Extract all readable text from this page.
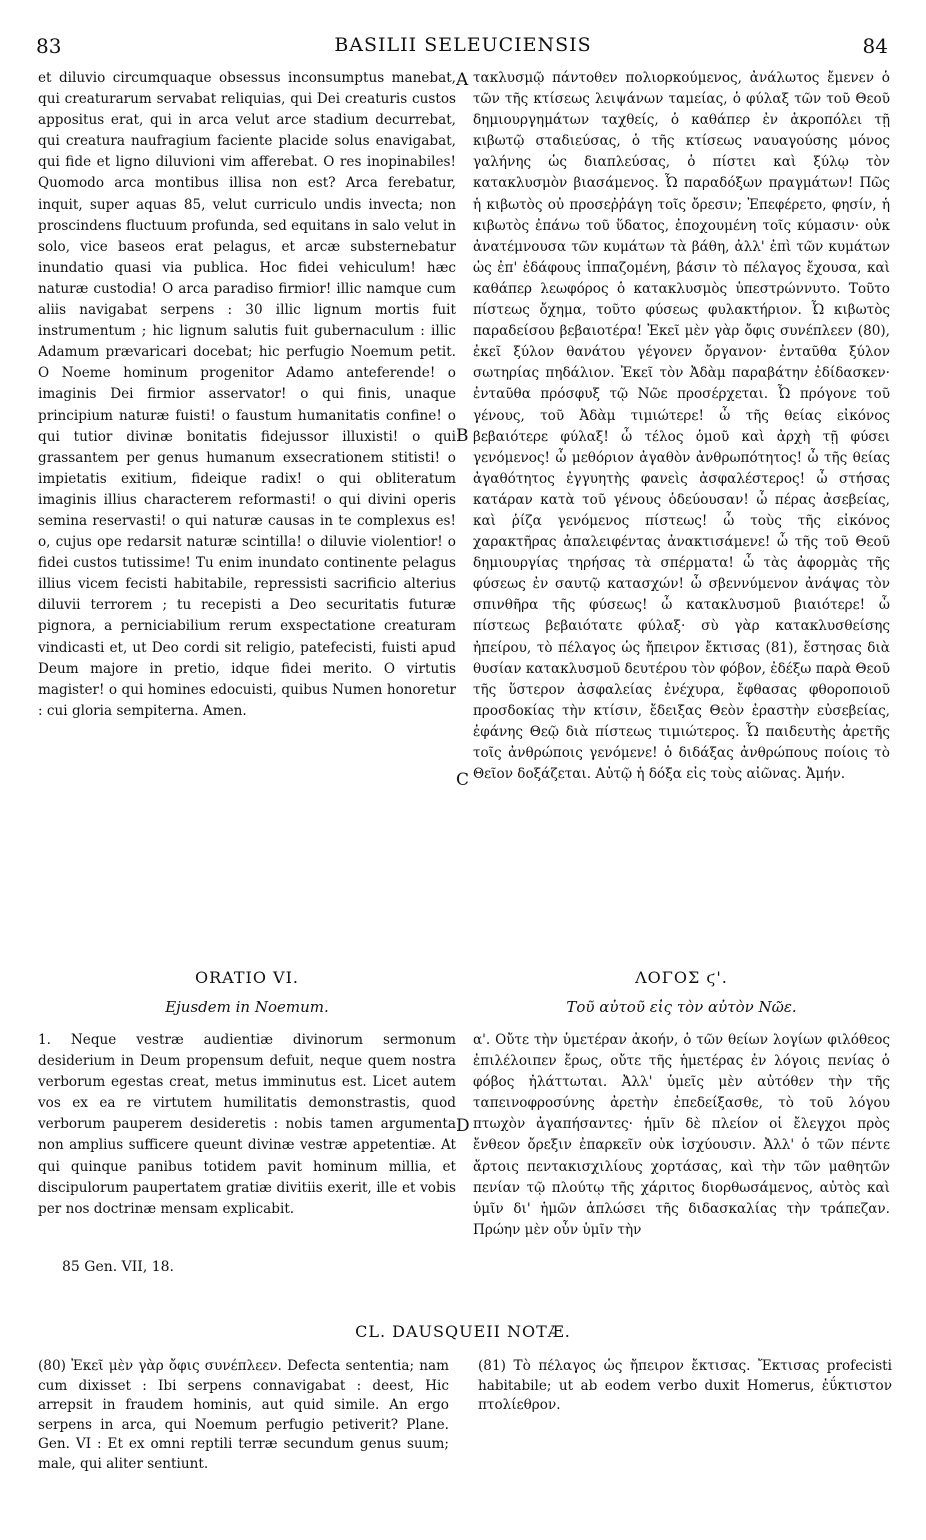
83	BASILII SELEUCIENSIS	84

et diluvio circumquaque obsessus inconsumptus manebat, qui creaturarum servabat reliquias, qui Dei creaturis custos appositus erat, qui in arca velut arce stadium decurrebat, qui creatura naufragium faciente placide solus enavigabat, qui fide et ligno diluvioni vim afferebat. O res inopinabiles! Quomodo arca montibus illisa non est? Arca ferebatur, inquit, super aquas 85, velut curriculo undis invecta; non proscindens fluctuum profunda, sed equitans in salo velut in solo, vice baseos erat pelagus, et arcæ substernebatur inundatio quasi via publica. Hoc fidei vehiculum! hæc naturæ custodia! O arca paradiso firmior! illic namque cum aliis navigabat serpens : 30 illic lignum mortis fuit instrumentum ; hic lignum salutis fuit gubernaculum : illic Adamum prævaricari docebat; hic perfugio Noemum petit. O Noeme hominum progenitor Adamo anteferende! o imaginis Dei firmior asservator! o qui finis, unaque principium naturæ fuisti! o faustum humanitatis confine! o qui tutior divinæ bonitatis fidejussor illuxisti! o qui grassantem per genus humanum exsecrationem stitisti! o impietatis exitium, fideique radix! o qui obliteratum imaginis illius characterem reformasti! o qui divini operis semina reservasti! o qui naturæ causas in te complexus es! o, cujus ope redarsit naturæ scintilla! o diluvie violentior! o fidei custos tutissime! Tu enim inundato continente pelagus illius vicem fecisti habitabile, repressisti sacrificio alterius diluvii terrorem ; tu recepisti a Deo securitatis futuræ pignora, a perniciabilium rerum exspectatione creaturam vindicasti et, ut Deo cordi sit religio, patefecisti, fuisti apud Deum majore in pretio, idque fidei merito. O virtutis magister! o qui homines edocuisti, quibus Numen honoretur : cui gloria sempiterna. Amen.

τακλυσμῷ πάντοθεν πολιορκούμενος, ἀνάλωτος ἔμενεν ὁ τῶν τῆς κτίσεως λειψάνων ταμείας, ὁ φύλαξ τῶν τοῦ Θεοῦ δημιουργημάτων ταχθείς, ὁ καθάπερ ἐν ἀκροπόλει τῇ κιβωτῷ σταδιεύσας, ὁ τῆς κτίσεως ναυαγούσης μόνος γαλήνης ὡς διαπλεύσας, ὁ πίστει καὶ ξύλῳ τὸν κατακλυσμὸν βιασάμενος. Ὦ παραδόξων πραγμάτων! Πῶς ἡ κιβωτὸς οὐ προσεῤῥάγη τοῖς ὄρεσιν; Ἐπεφέρετο, φησίν, ἡ κιβωτὸς ἐπάνω τοῦ ὕδατος, ἐποχουμένη τοῖς κύμασιν· οὐκ ἀνατέμνουσα τῶν κυμάτων τὰ βάθη, ἀλλ' ἐπὶ τῶν κυμάτων ὡς ἐπ' ἐδάφους ἱππαζομένη, βάσιν τὸ πέλαγος ἔχουσα, καὶ καθάπερ λεωφόρος ὁ κατακλυσμὸς ὑπεστρώννυτο. Τοῦτο πίστεως ὄχημα, τοῦτο φύσεως φυλακτήριον. Ὦ κιβωτὸς παραδείσου βεβαιοτέρα! Ἐκεῖ μὲν γὰρ ὄφις συνέπλεεν (80), ἐκεῖ ξύλον θανάτου γέγονεν ὄργανον· ἐνταῦθα ξύλον σωτηρίας πηδάλιον. Ἐκεῖ τὸν Ἀδὰμ παραβάτην ἐδίδασκεν· ἐνταῦθα πρόσφυξ τῷ Νῶε προσέρχεται. Ὦ πρόγονε τοῦ γένους, τοῦ Ἀδὰμ τιμιώτερε! ὦ τῆς θείας εἰκόνος βεβαιότερε φύλαξ! ὦ τέλος ὁμοῦ καὶ ἀρχὴ τῇ φύσει γενόμενος! ὦ μεθόριον ἀγαθὸν ἀνθρωπότητος! ὦ τῆς θείας ἀγαθότητος ἐγγυητὴς φανεὶς ἀσφαλέστερος! ὦ στήσας κατάραν κατὰ τοῦ γένους ὁδεύουσαν! ὦ πέρας ἀσεβείας, καὶ ῥίζα γενόμενος πίστεως! ὦ τοὺς τῆς εἰκόνος χαρακτῆρας ἀπαλειφέντας ἀνακτισάμενε! ὦ τῆς τοῦ Θεοῦ δημιουργίας τηρήσας τὰ σπέρματα! ὦ τὰς ἀφορμὰς τῆς φύσεως ἐν σαυτῷ κατασχών! ὦ σβεννύμενον ἀνάψας τὸν σπινθῆρα τῆς φύσεως! ὦ κατακλυσμοῦ βιαιότερε! ὦ πίστεως βεβαιότατε φύλαξ· σὺ γὰρ κατακλυσθείσης ἠπείρου, τὸ πέλαγος ὡς ἤπειρον ἔκτισας (81), ἔστησας διὰ θυσίαν κατακλυσμοῦ δευτέρου τὸν φόβον, ἐδέξω παρὰ Θεοῦ τῆς ὕστερον ἀσφαλείας ἐνέχυρα, ἔφθασας φθοροποιοῦ προσδοκίας τὴν κτίσιν, ἔδειξας Θεὸν ἐραστὴν εὐσεβείας, ἐφάνης Θεῷ διὰ πίστεως τιμιώτερος. Ὦ παιδευτὴς ἀρετῆς τοῖς ἀνθρώποις γενόμενε! ὁ διδάξας ἀνθρώπους ποίοις τὸ Θεῖον δοξάζεται. Αὐτῷ ἡ δόξα εἰς τοὺς αἰῶνας. Ἀμήν.

A
B
C
D
ORATIO VI.
Ejusdem in Noemum.
ΛΟΓΟΣ ϛ'.
Τοῦ αὐτοῦ εἰς τὸν αὐτὸν Νῶε.

1. Neque vestræ audientiæ divinorum sermonum desiderium in Deum propensum defuit, neque quem nostra verborum egestas creat, metus imminutus est. Licet autem vos ex ea re virtutem humilitatis demonstrastis, quod verborum pauperem desideretis : nobis tamen argumenta non amplius sufficere queunt divinæ vestræ appetentiæ. At qui quinque panibus totidem pavit hominum millia, et discipulorum paupertatem gratiæ divitiis exerit, ille et vobis per nos doctrinæ mensam explicabit.

α'. Οὔτε τὴν ὑμετέραν ἀκοήν, ὁ τῶν θείων λογίων φιλόθεος ἐπιλέλοιπεν ἔρως, οὔτε τῆς ἡμετέρας ἐν λόγοις πενίας ὁ φόβος ἠλάττωται. Ἀλλ' ὑμεῖς μὲν αὐτόθεν τὴν τῆς ταπεινοφροσύνης ἀρετὴν ἐπεδείξασθε, τὸ τοῦ λόγου πτωχὸν ἀγαπήσαντες· ἡμῖν δὲ πλείον οἱ ἔλεγχοι πρὸς ἔνθεον ὄρεξιν ἐπαρκεῖν οὐκ ἰσχύουσιν. Ἀλλ' ὁ τῶν πέντε ἄρτοις πεντακισχιλίους χορτάσας, καὶ τὴν τῶν μαθητῶν πενίαν τῷ πλούτῳ τῆς χάριτος διορθωσάμενος, αὐτὸς καὶ ὑμῖν δι' ἡμῶν ἁπλώσει τῆς διδασκαλίας τὴν τράπεζαν. Πρώην μὲν οὖν ὑμῖν τὴν

85 Gen. VII, 18.
CL. DAUSQUEII NOTÆ.
(80) Ἐκεῖ μὲν γὰρ ὄφις συνέπλεεν. Defecta sententia; nam cum dixisset : Ibi serpens connavigabat : deest, Hic arrepsit in fraudem hominis, aut quid simile. An ergo serpens in arca, qui Noemum perfugio petiverit? Plane. Gen. VI : Et ex omni reptili terræ secundum genus suum; male, qui aliter sentiunt.
(81) Τὸ πέλαγος ὡς ἤπειρον ἔκτισας. Ἔκτισας profecisti habitabile; ut ab eodem verbo duxit Homerus, ἐΰκτιστον πτολίεθρον.
